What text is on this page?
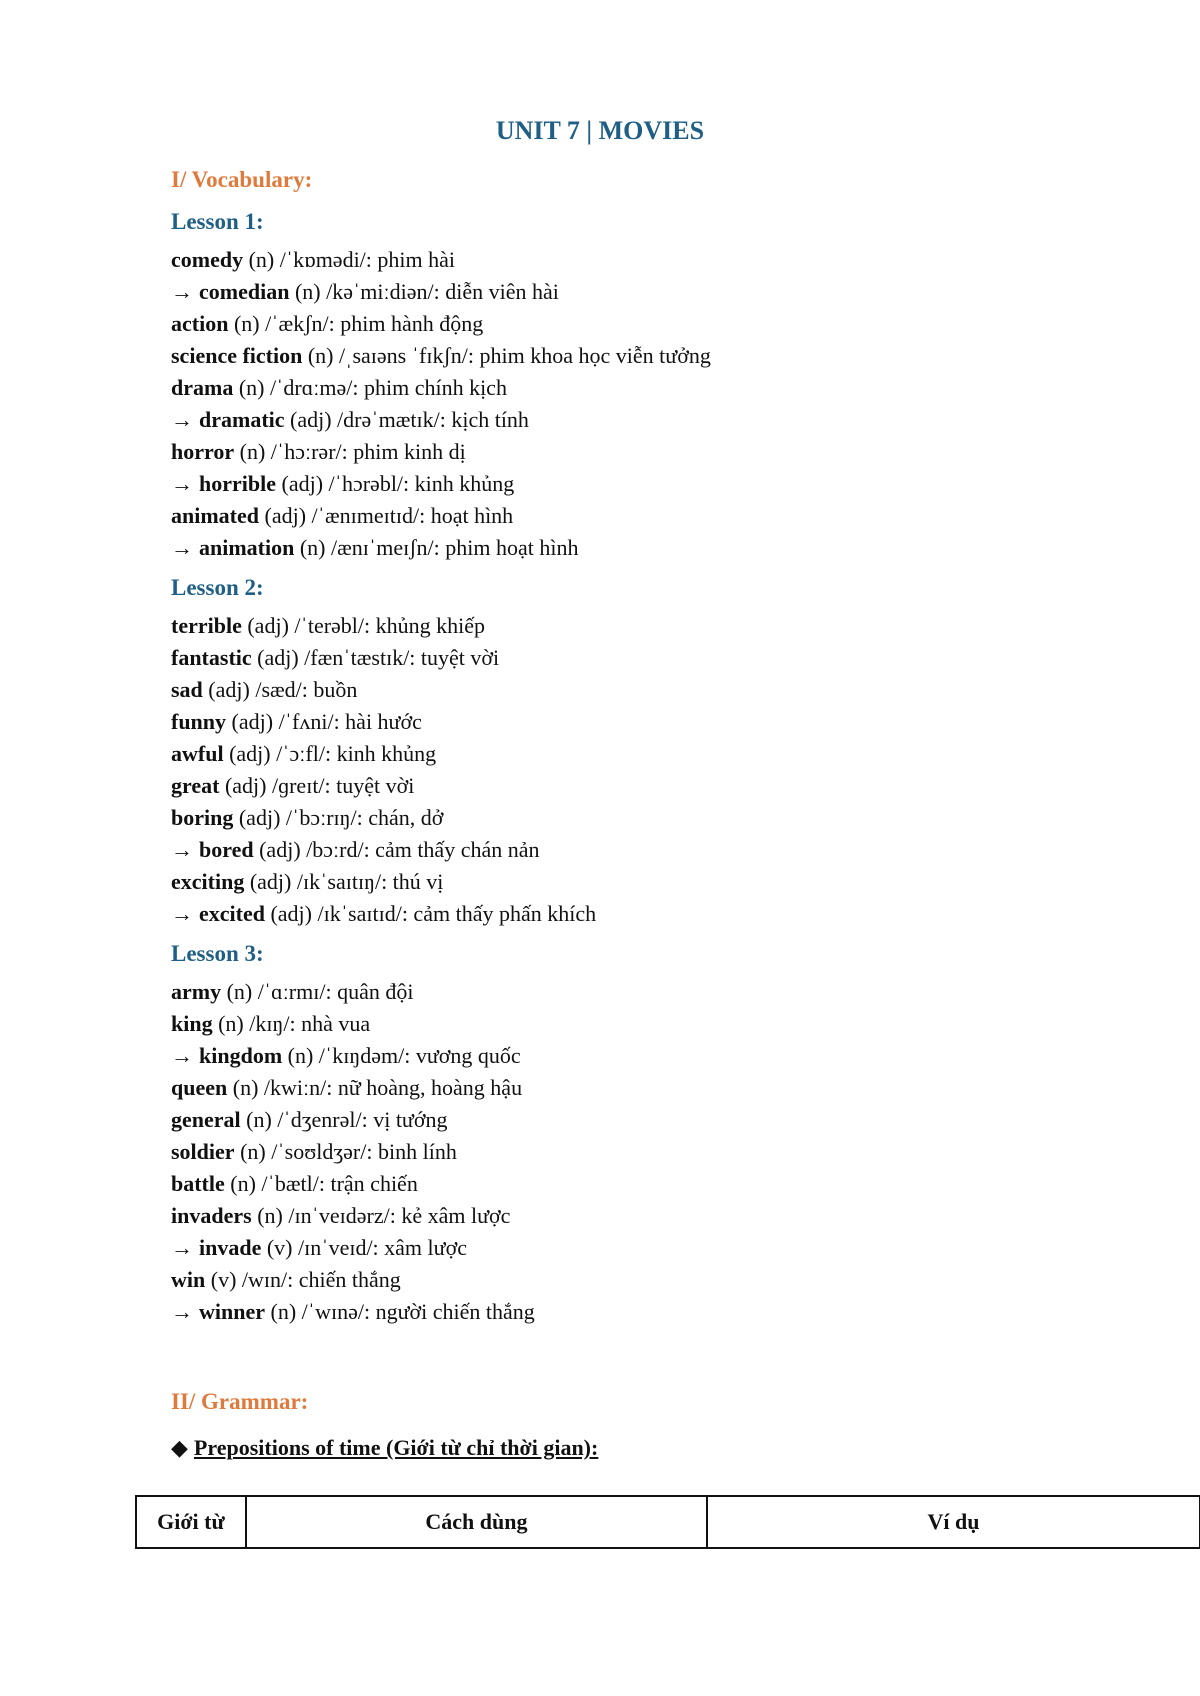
UNIT 7 | MOVIES
I/ Vocabulary:
Lesson 1:
comedy (n) /ˈkɒmədi/: phim hài
→ comedian (n) /kəˈmiːdiən/: diễn viên hài
action (n) /ˈækʃn/: phim hành động
science fiction (n) /ˌsaɪəns ˈfɪkʃn/: phim khoa học viễn tưởng
drama (n) /ˈdrɑːmə/: phim chính kịch
→ dramatic (adj) /drəˈmætɪk/: kịch tính
horror (n) /ˈhɔːrər/: phim kinh dị
→ horrible (adj) /ˈhɔrəbl/: kinh khủng
animated (adj) /ˈænɪmeɪtɪd/: hoạt hình
→ animation (n) /ænɪˈmeɪʃn/: phim hoạt hình
Lesson 2:
terrible (adj) /ˈterəbl/: khủng khiếp
fantastic (adj) /fænˈtæstɪk/: tuyệt vời
sad (adj) /sæd/: buồn
funny (adj) /ˈfʌni/: hài hước
awful (adj) /ˈɔːfl/: kinh khủng
great (adj) /ɡreɪt/: tuyệt vời
boring (adj) /ˈbɔːrɪŋ/: chán, dở
→ bored (adj) /bɔːrd/: cảm thấy chán nản
exciting (adj) /ɪkˈsaɪtɪŋ/: thú vị
→ excited (adj) /ɪkˈsaɪtɪd/: cảm thấy phấn khích
Lesson 3:
army (n) /ˈɑːrmɪ/: quân đội
king (n) /kɪŋ/: nhà vua
→ kingdom (n) /ˈkɪŋdəm/: vương quốc
queen (n) /kwiːn/: nữ hoàng, hoàng hậu
general (n) /ˈdʒenrəl/: vị tướng
soldier (n) /ˈsoʊldʒər/: binh lính
battle (n) /ˈbætl/: trận chiến
invaders (n) /ɪnˈveɪdərz/: kẻ xâm lược
→ invade (v) /ɪnˈveɪd/: xâm lược
win (v) /wɪn/: chiến thắng
→ winner (n) /ˈwɪnə/: người chiến thắng
II/ Grammar:

◆ Prepositions of time (Giới từ chỉ thời gian):

Giới từ	Cách dùng	Ví dụ
